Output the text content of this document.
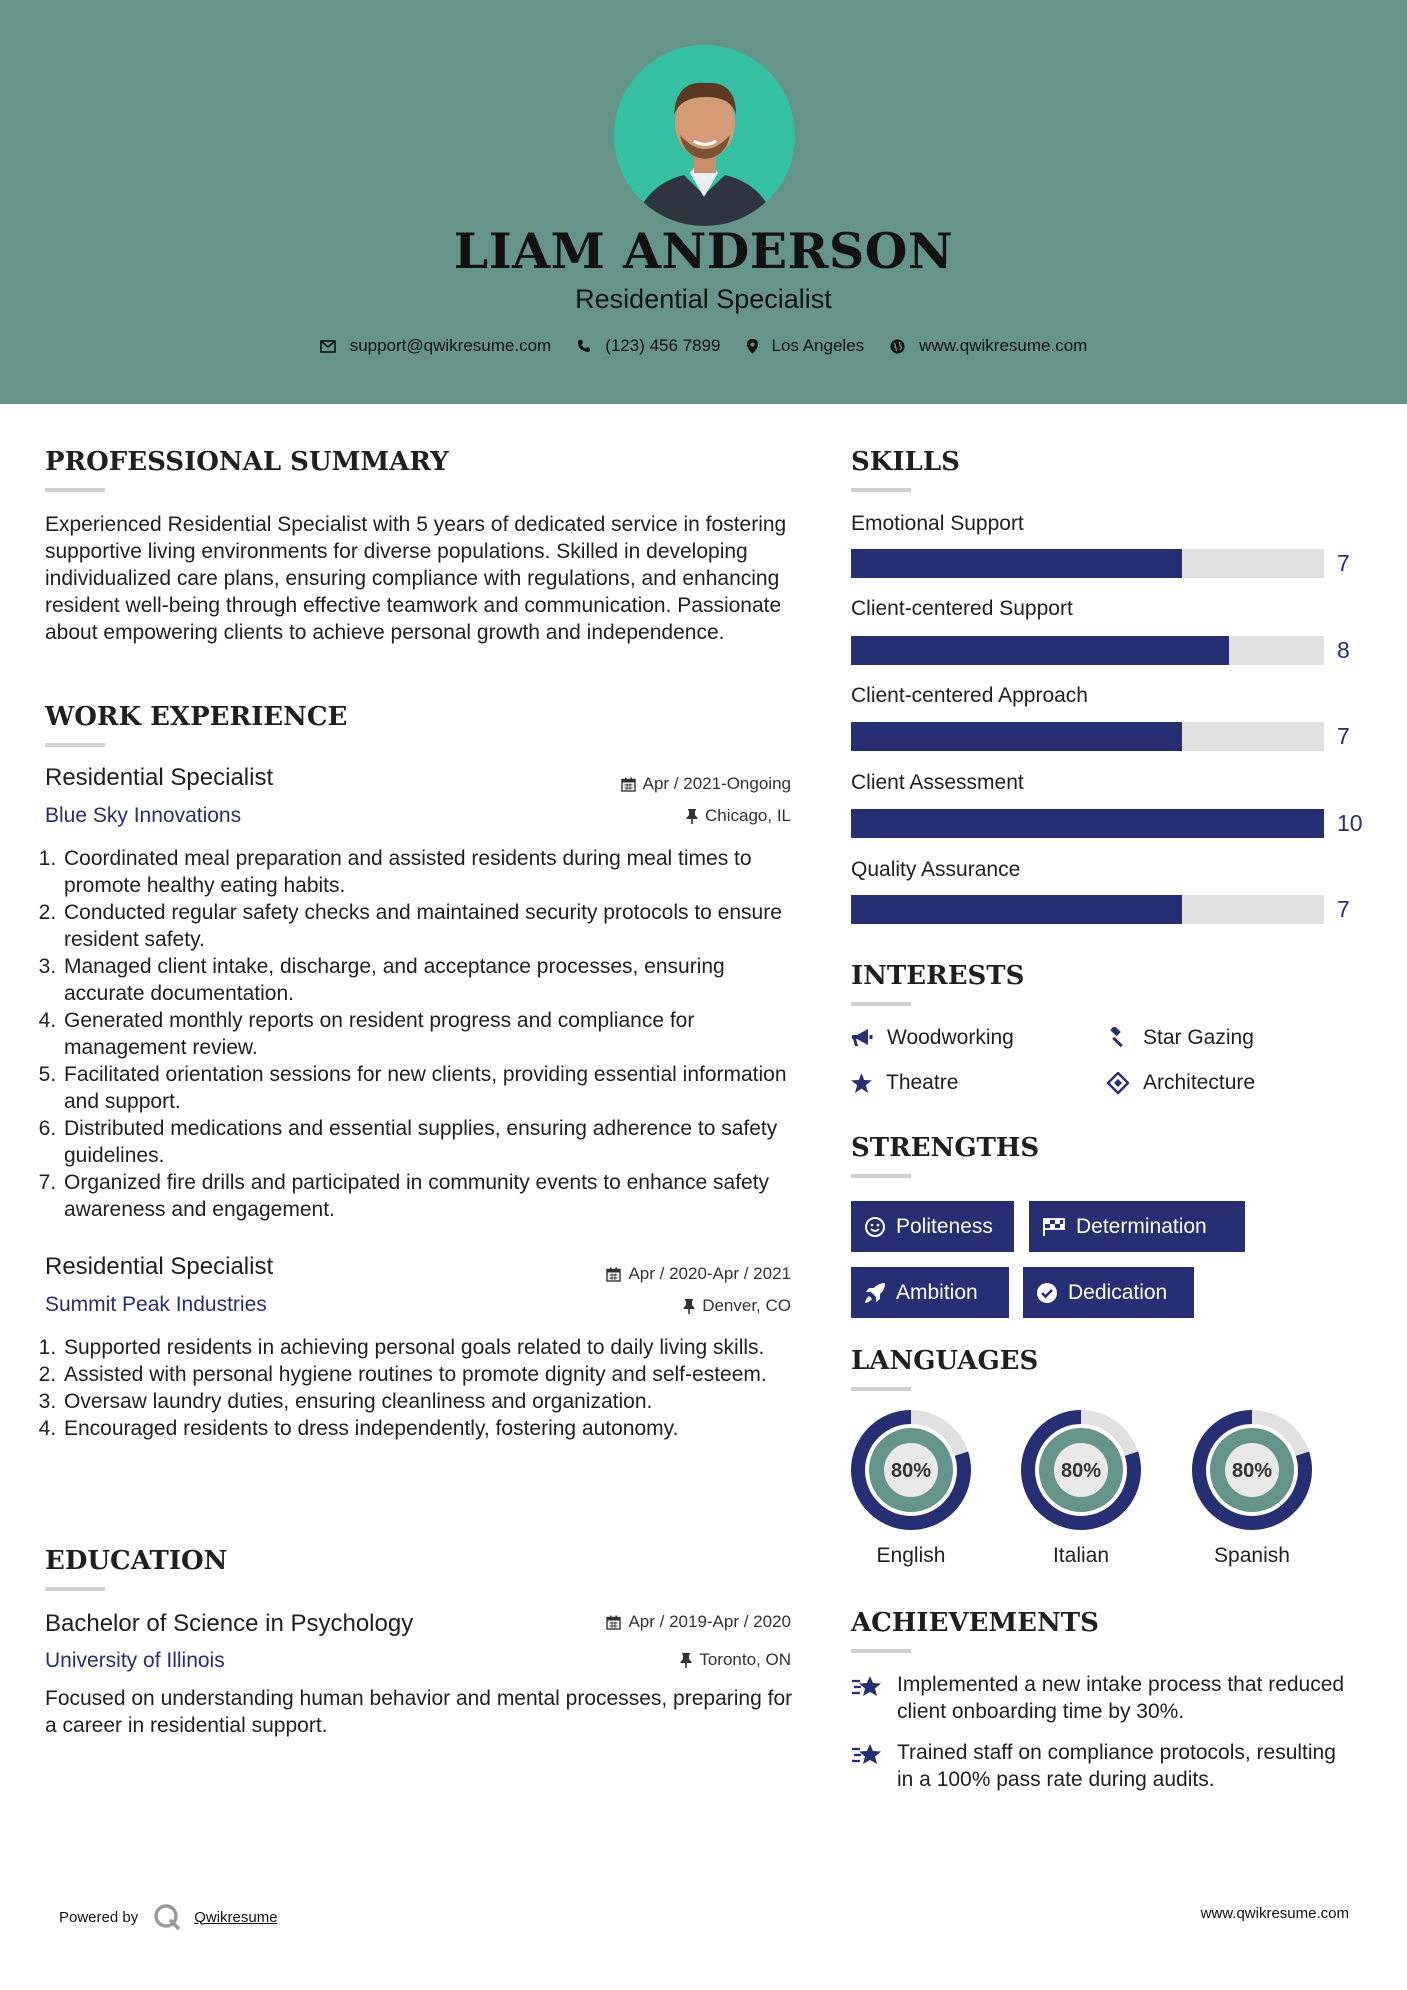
LIAM ANDERSON
Residential Specialist
support@qwikresume.com	(123) 456 7899	Los Angeles	www.qwikresume.com
PROFESSIONAL SUMMARY
Experienced Residential Specialist with 5 years of dedicated service in fostering supportive living environments for diverse populations. Skilled in developing individualized care plans, ensuring compliance with regulations, and enhancing resident well-being through effective teamwork and communication. Passionate about empowering clients to achieve personal growth and independence.
WORK EXPERIENCE
Residential Specialist
Blue Sky Innovations
Apr / 2021-Ongoing
Chicago, IL
1. Coordinated meal preparation and assisted residents during meal times to promote healthy eating habits.
2. Conducted regular safety checks and maintained security protocols to ensure resident safety.
3. Managed client intake, discharge, and acceptance processes, ensuring accurate documentation.
4. Generated monthly reports on resident progress and compliance for management review.
5. Facilitated orientation sessions for new clients, providing essential information and support.
6. Distributed medications and essential supplies, ensuring adherence to safety guidelines.
7. Organized fire drills and participated in community events to enhance safety awareness and engagement.
Residential Specialist
Summit Peak Industries
Apr / 2020-Apr / 2021
Denver, CO
1. Supported residents in achieving personal goals related to daily living skills.
2. Assisted with personal hygiene routines to promote dignity and self-esteem.
3. Oversaw laundry duties, ensuring cleanliness and organization.
4. Encouraged residents to dress independently, fostering autonomy.
EDUCATION
Bachelor of Science in Psychology
University of Illinois
Apr / 2019-Apr / 2020
Toronto, ON
Focused on understanding human behavior and mental processes, preparing for a career in residential support.
SKILLS
Emotional Support
7
Client-centered Support
8
Client-centered Approach
7
Client Assessment
10
Quality Assurance
7
INTERESTS
Woodworking	Star Gazing
Theatre	Architecture
STRENGTHS
Politeness	Determination
Ambition	Dedication
LANGUAGES
80%
English
80%
Italian
80%
Spanish
ACHIEVEMENTS
Implemented a new intake process that reduced client onboarding time by 30%.
Trained staff on compliance protocols, resulting in a 100% pass rate during audits.
Powered by	Qwikresume	www.qwikresume.com
